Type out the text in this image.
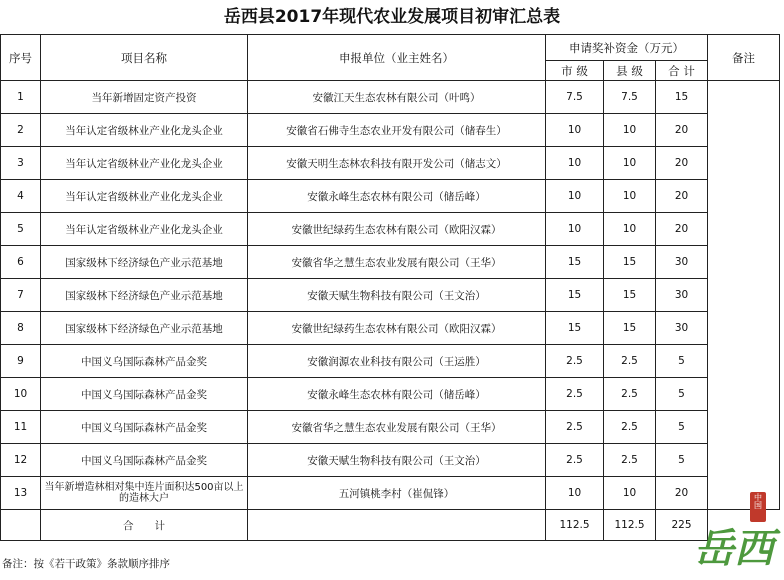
岳西县2017年现代农业发展项目初审汇总表
序号	项目名称	申报单位（业主姓名）	申请奖补资金（万元）			备注
			市 级	县 级	合 计	
1	当年新增固定资产投资	安徽江天生态农林有限公司（叶鸣）	7.5	7.5	15	
2	当年认定省级林业产业化龙头企业	安徽省石佛寺生态农业开发有限公司（储春生）	10	10	20	
3	当年认定省级林业产业化龙头企业	安徽天明生态林农科技有限开发公司（储志文）	10	10	20	
4	当年认定省级林业产业化龙头企业	安徽永峰生态农林有限公司（储岳峰）	10	10	20	
5	当年认定省级林业产业化龙头企业	安徽世纪绿药生态农林有限公司（欧阳汉霖）	10	10	20	
6	国家级林下经济绿色产业示范基地	安徽省华之慧生态农业发展有限公司（王华）	15	15	30	
7	国家级林下经济绿色产业示范基地	安徽天赋生物科技有限公司（王文治）	15	15	30	
8	国家级林下经济绿色产业示范基地	安徽世纪绿药生态农林有限公司（欧阳汉霖）	15	15	30	
9	中国义乌国际森林产品金奖	安徽润源农业科技有限公司（王运胜）	2.5	2.5	5	
10	中国义乌国际森林产品金奖	安徽永峰生态农林有限公司（储岳峰）	2.5	2.5	5	
11	中国义乌国际森林产品金奖	安徽省华之慧生态农业发展有限公司（王华）	2.5	2.5	5	
12	中国义乌国际森林产品金奖	安徽天赋生物科技有限公司（王文治）	2.5	2.5	5	
13	当年新增造林相对集中连片面积达500亩以上的造林大户	五河镇桃李村（崔侃锋）	10	10	20	
	合　　计		112.5	112.5	225	
备注：按《若干政策》条款顺序排序
中国
岳西
